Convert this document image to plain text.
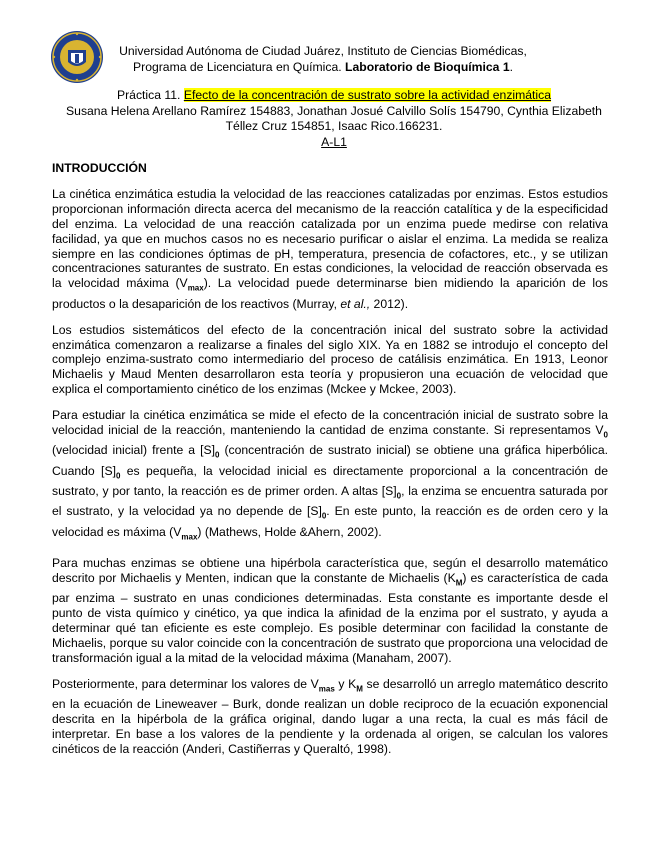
Universidad Autónoma de Ciudad Juárez, Instituto de Ciencias Biomédicas,
Programa de Licenciatura en Química. Laboratorio de Bioquímica 1.
Práctica 11. Efecto de la concentración de sustrato sobre la actividad enzimática
Susana Helena Arellano Ramírez 154883, Jonathan Josué Calvillo Solís 154790, Cynthia Elizabeth Téllez Cruz 154851, Isaac Rico.166231.
A-L1

INTRODUCCIÓN

La cinética enzimática estudia la velocidad de las reacciones catalizadas por enzimas. Estos estudios proporcionan información directa acerca del mecanismo de la reacción catalítica y de la especificidad del enzima. La velocidad de una reacción catalizada por un enzima puede medirse con relativa facilidad, ya que en muchos casos no es necesario purificar o aislar el enzima. La medida se realiza siempre en las condiciones óptimas de pH, temperatura, presencia de cofactores, etc., y se utilizan concentraciones saturantes de sustrato. En estas condiciones, la velocidad de reacción observada es la velocidad máxima $(V_{max})$. La velocidad puede determinarse bien midiendo la aparición de los productos o la desaparición de los reactivos (Murray, et al., 2012).

Los estudios sistemáticos del efecto de la concentración inical del sustrato sobre la actividad enzimática comenzaron a realizarse a finales del siglo XIX. Ya en 1882 se introdujo el concepto del complejo enzima-sustrato como intermediario del proceso de catálisis enzimática. En 1913, Leonor Michaelis y Maud Menten desarrollaron esta teoría y propusieron una ecuación de velocidad que explica el comportamiento cinético de los enzimas (Mckee y Mckee, 2003).

Para estudiar la cinética enzimática se mide el efecto de la concentración inicial de sustrato sobre la velocidad inicial de la reacción, manteniendo la cantidad de enzima constante. Si representamos $V_0$ (velocidad inicial) frente a $[S]_0$ (concentración de sustrato inicial) se obtiene una gráfica hiperbólica. Cuando $[S]_0$ es pequeña, la velocidad inicial es directamente proporcional a la concentración de sustrato, y por tanto, la reacción es de primer orden. A altas $[S]_0$, la enzima se encuentra saturada por el sustrato, y la velocidad ya no depende de $[S]_0$. En este punto, la reacción es de orden cero y la velocidad es máxima $(V_{max})$ (Mathews, Holde &Ahern, 2002).

Para muchas enzimas se obtiene una hipérbola característica que, según el desarrollo matemático descrito por Michaelis y Menten, indican que la constante de Michaelis $(K_M)$ es característica de cada par enzima – sustrato en unas condiciones determinadas. Esta constante es importante desde el punto de vista químico y cinético, ya que indica la afinidad de la enzima por el sustrato, y ayuda a determinar qué tan eficiente es este complejo. Es posible determinar con facilidad la constante de Michaelis, porque su valor coincide con la concentración de sustrato que proporciona una velocidad de transformación igual a la mitad de la velocidad máxima (Manaham, 2007).

Posteriormente, para determinar los valores de $V_{mas}$ y $K_M$ se desarrolló un arreglo matemático descrito en la ecuación de Lineweaver – Burk, donde realizan un doble reciproco de la ecuación exponencial descrita en la hipérbola de la gráfica original, dando lugar a una recta, la cual es más fácil de interpretar. En base a los valores de la pendiente y la ordenada al origen, se calculan los valores cinéticos de la reacción (Anderi, Castiñerras y Queraltó, 1998).
